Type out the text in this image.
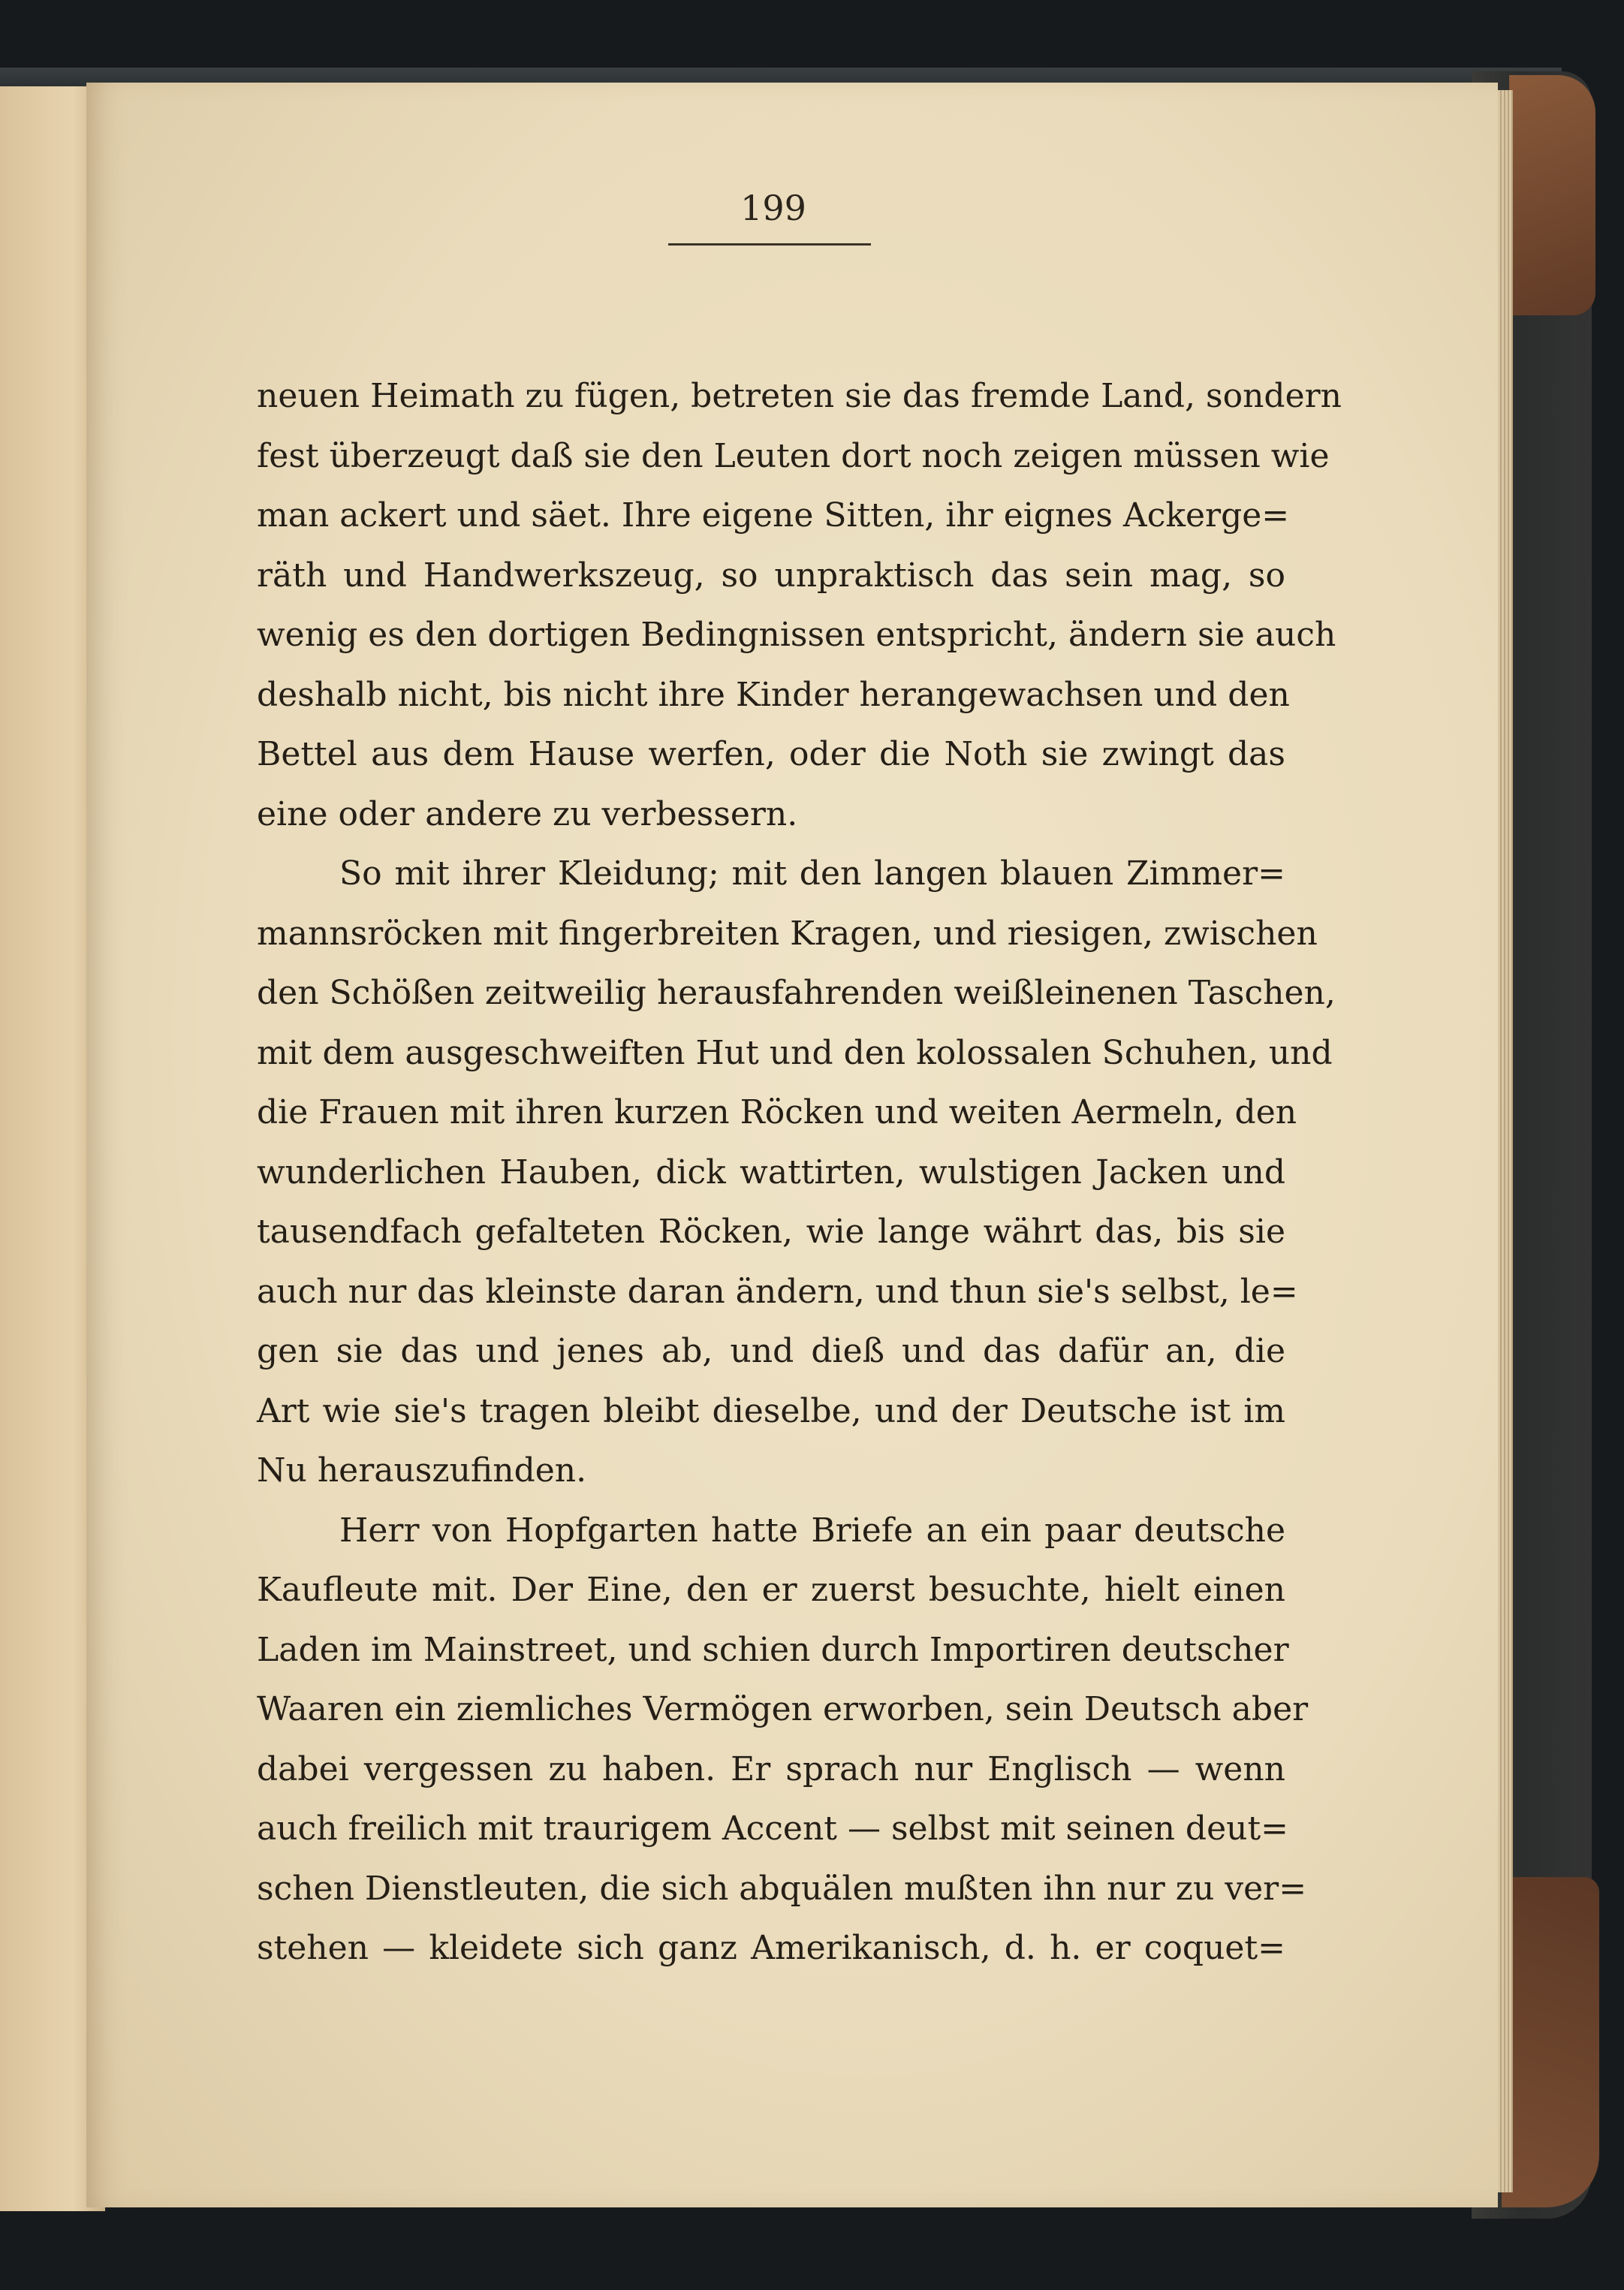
199
neuen Heimath zu fügen, betreten sie das fremde Land, sondern
fest überzeugt daß sie den Leuten dort noch zeigen müssen wie
man ackert und säet. Ihre eigene Sitten, ihr eignes Ackerge=
räth und Handwerkszeug, so unpraktisch das sein mag, so
wenig es den dortigen Bedingnissen entspricht, ändern sie auch
deshalb nicht, bis nicht ihre Kinder herangewachsen und den
Bettel aus dem Hause werfen, oder die Noth sie zwingt das
eine oder andere zu verbessern.
So mit ihrer Kleidung; mit den langen blauen Zimmer=
mannsröcken mit fingerbreiten Kragen, und riesigen, zwischen
den Schößen zeitweilig herausfahrenden weißleinenen Taschen,
mit dem ausgeschweiften Hut und den kolossalen Schuhen, und
die Frauen mit ihren kurzen Röcken und weiten Aermeln, den
wunderlichen Hauben, dick wattirten, wulstigen Jacken und
tausendfach gefalteten Röcken, wie lange währt das, bis sie
auch nur das kleinste daran ändern, und thun sie's selbst, le=
gen sie das und jenes ab, und dieß und das dafür an, die
Art wie sie's tragen bleibt dieselbe, und der Deutsche ist im
Nu herauszufinden.
Herr von Hopfgarten hatte Briefe an ein paar deutsche
Kaufleute mit. Der Eine, den er zuerst besuchte, hielt einen
Laden im Mainstreet, und schien durch Importiren deutscher
Waaren ein ziemliches Vermögen erworben, sein Deutsch aber
dabei vergessen zu haben. Er sprach nur Englisch — wenn
auch freilich mit traurigem Accent — selbst mit seinen deut=
schen Dienstleuten, die sich abquälen mußten ihn nur zu ver=
stehen — kleidete sich ganz Amerikanisch, d. h. er coquet=
